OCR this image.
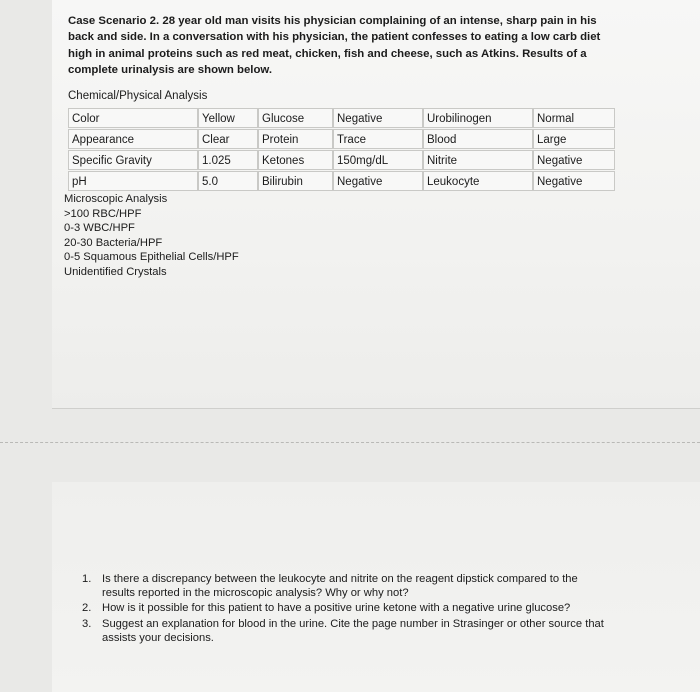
Case Scenario 2. 28 year old man visits his physician complaining of an intense, sharp pain in his back and side. In a conversation with his physician, the patient confesses to eating a low carb diet high in animal proteins such as red meat, chicken, fish and cheese, such as Atkins. Results of a complete urinalysis are shown below.
Chemical/Physical Analysis
Color	Yellow	Glucose	Negative	Urobilinogen	Normal
Appearance	Clear	Protein	Trace	Blood	Large
Specific Gravity	1.025	Ketones	150mg/dL	Nitrite	Negative
pH	5.0	Bilirubin	Negative	Leukocyte	Negative
Microscopic Analysis
>100 RBC/HPF
0-3 WBC/HPF
20-30 Bacteria/HPF
0-5 Squamous Epithelial Cells/HPF
Unidentified Crystals
1. Is there a discrepancy between the leukocyte and nitrite on the reagent dipstick compared to the results reported in the microscopic analysis? Why or why not?
2. How is it possible for this patient to have a positive urine ketone with a negative urine glucose?
3. Suggest an explanation for blood in the urine. Cite the page number in Strasinger or other source that assists your decisions.
